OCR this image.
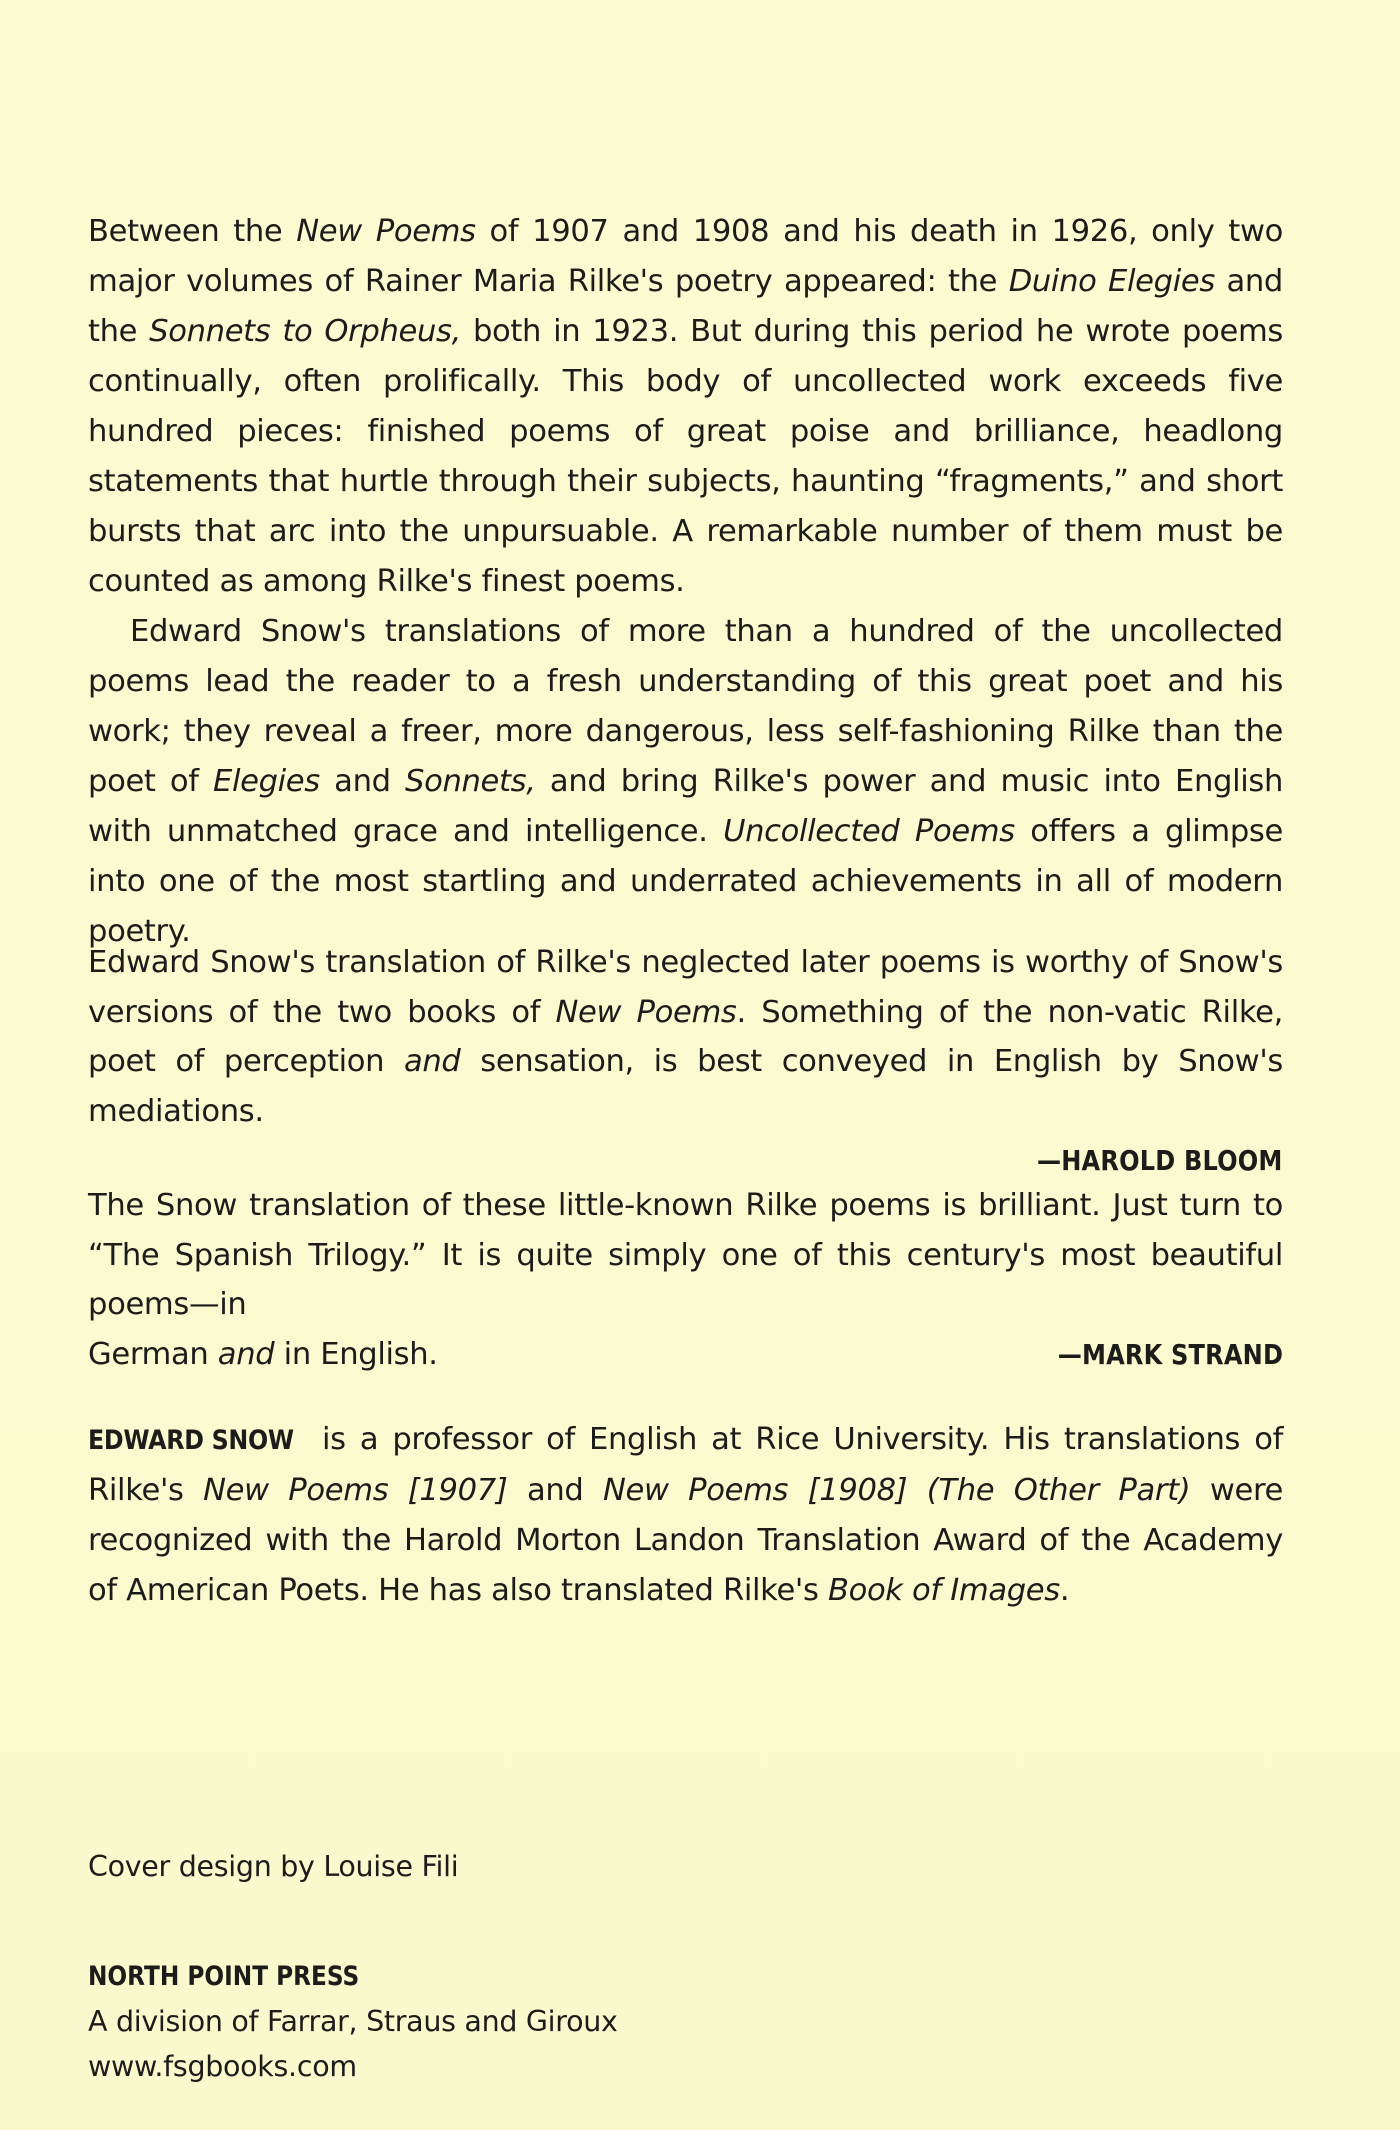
Between the New Poems of 1907 and 1908 and his death in 1926, only two major volumes of Rainer Maria Rilke's poetry appeared: the Duino Elegies and the Sonnets to Orpheus, both in 1923. But during this period he wrote poems continually, often prolifically. This body of uncollected work exceeds five hundred pieces: finished poems of great poise and brilliance, headlong statements that hurtle through their subjects, haunting “fragments,” and short bursts that arc into the unpursuable. A remarkable number of them must be counted as among Rilke's finest poems.

Edward Snow's translations of more than a hundred of the uncollected poems lead the reader to a fresh understanding of this great poet and his work; they reveal a freer, more dangerous, less self-fashioning Rilke than the poet of Elegies and Sonnets, and bring Rilke's power and music into English with unmatched grace and intelligence. Uncollected Poems offers a glimpse into one of the most startling and underrated achievements in all of modern poetry.

Edward Snow's translation of Rilke's neglected later poems is worthy of Snow's versions of the two books of New Poems. Something of the non-vatic Rilke, poet of perception and sensation, is best conveyed in English by Snow's mediations.

—HAROLD BLOOM

The Snow translation of these little-known Rilke poems is brilliant. Just turn to “The Spanish Trilogy.” It is quite simply one of this century's most beautiful poems—in

German and in English.	—MARK STRAND

EDWARD SNOW is a professor of English at Rice University. His translations of Rilke's New Poems [1907] and New Poems [1908] (The Other Part) were recognized with the Harold Morton Landon Translation Award of the Academy of American Poets. He has also translated Rilke's Book of Images.

Cover design by Louise Fili
NORTH POINT PRESS
A division of Farrar, Straus and Giroux
www.fsgbooks.com
